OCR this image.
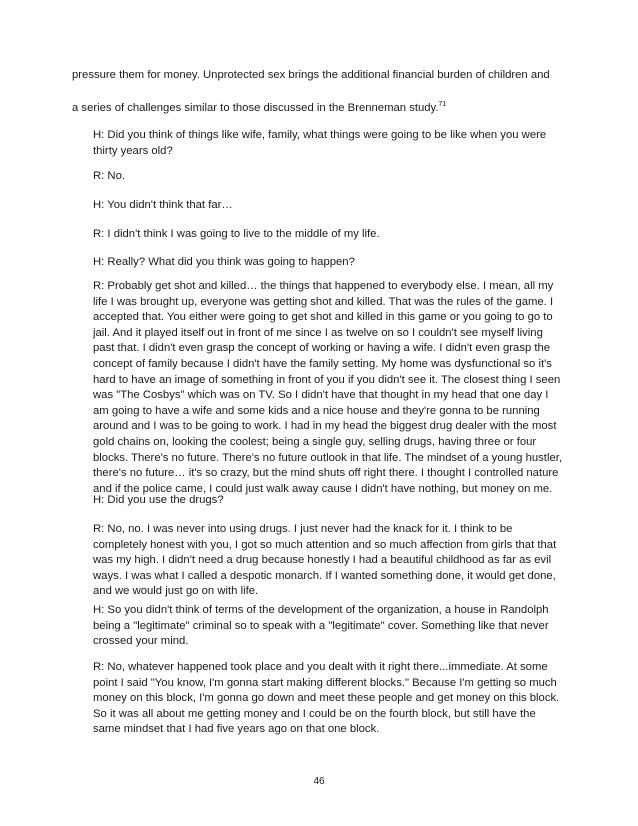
pressure them for money. Unprotected sex brings the additional financial burden of children and

a series of challenges similar to those discussed in the Brenneman study.$^{71}$

H: Did you think of things like wife, family, what things were going to be like when you were thirty years old?

R: No.

H: You didn't think that far…

R: I didn't think I was going to live to the middle of my life.

H: Really? What did you think was going to happen?

R: Probably get shot and killed… the things that happened to everybody else. I mean, all my life I was brought up, everyone was getting shot and killed. That was the rules of the game. I accepted that. You either were going to get shot and killed in this game or you going to go to jail. And it played itself out in front of me since I as twelve on so I couldn't see myself living past that. I didn't even grasp the concept of working or having a wife. I didn't even grasp the concept of family because I didn't have the family setting. My home was dysfunctional so it's hard to have an image of something in front of you if you didn't see it. The closest thing I seen was "The Cosbys" which was on TV. So I didn't have that thought in my head that one day I am going to have a wife and some kids and a nice house and they're gonna to be running around and I was to be going to work. I had in my head the biggest drug dealer with the most gold chains on, looking the coolest; being a single guy, selling drugs, having three or four blocks. There's no future. There's no future outlook in that life. The mindset of a young hustler, there's no future… it's so crazy, but the mind shuts off right there. I thought I controlled nature and if the police came, I could just walk away cause I didn't have nothing, but money on me.

H: Did you use the drugs?

R: No, no. I was never into using drugs. I just never had the knack for it. I think to be completely honest with you, I got so much attention and so much affection from girls that that was my high. I didn't need a drug because honestly I had a beautiful childhood as far as evil ways. I was what I called a despotic monarch. If I wanted something done, it would get done, and we would just go on with life.

H: So you didn't think of terms of the development of the organization, a house in Randolph being a "legitimate" criminal so to speak with a "legitimate" cover. Something like that never crossed your mind.

R: No, whatever happened took place and you dealt with it right there...immediate. At some point I said "You know, I'm gonna start making different blocks." Because I'm getting so much money on this block, I'm gonna go down and meet these people and get money on this block. So it was all about me getting money and I could be on the fourth block, but still have the same mindset that I had five years ago on that one block.

46
